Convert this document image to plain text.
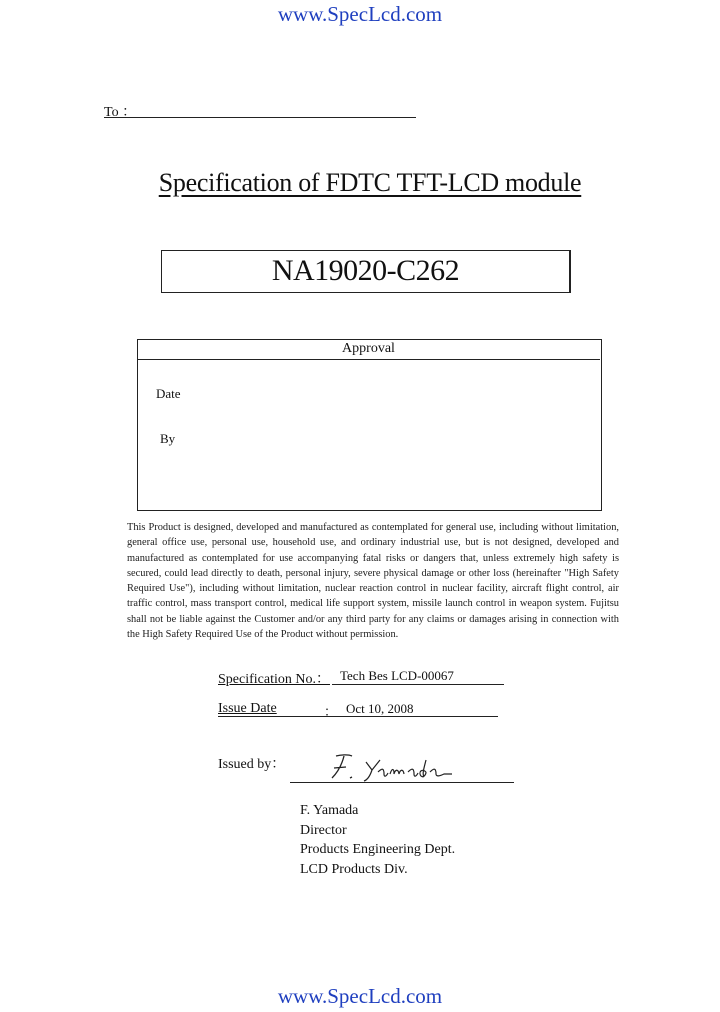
www.SpecLcd.com
To ：
Specification of FDTC TFT-LCD module
NA19020-C262
Approval
Date
By
This Product is designed, developed and manufactured as contemplated for general use, including without limitation, general office use, personal use, household use, and ordinary industrial use, but is not designed, developed and manufactured as contemplated for use accompanying fatal risks or dangers that, unless extremely high safety is secured, could lead directly to death, personal injury, severe physical damage or other loss (hereinafter "High Safety Required Use"), including without limitation, nuclear reaction control in nuclear facility, aircraft flight control, air traffic control, mass transport control, medical life support system, missile launch control in weapon system. Fujitsu shall not be liable against the Customer and/or any third party for any claims or damages arising in connection with the High Safety Required Use of the Product without permission.
Specification No.： Tech Bes LCD-00067
Issue Date	： Oct 10, 2008
Issued by：
F. Yamada
Director
Products Engineering Dept.
LCD Products Div.
www.SpecLcd.com
